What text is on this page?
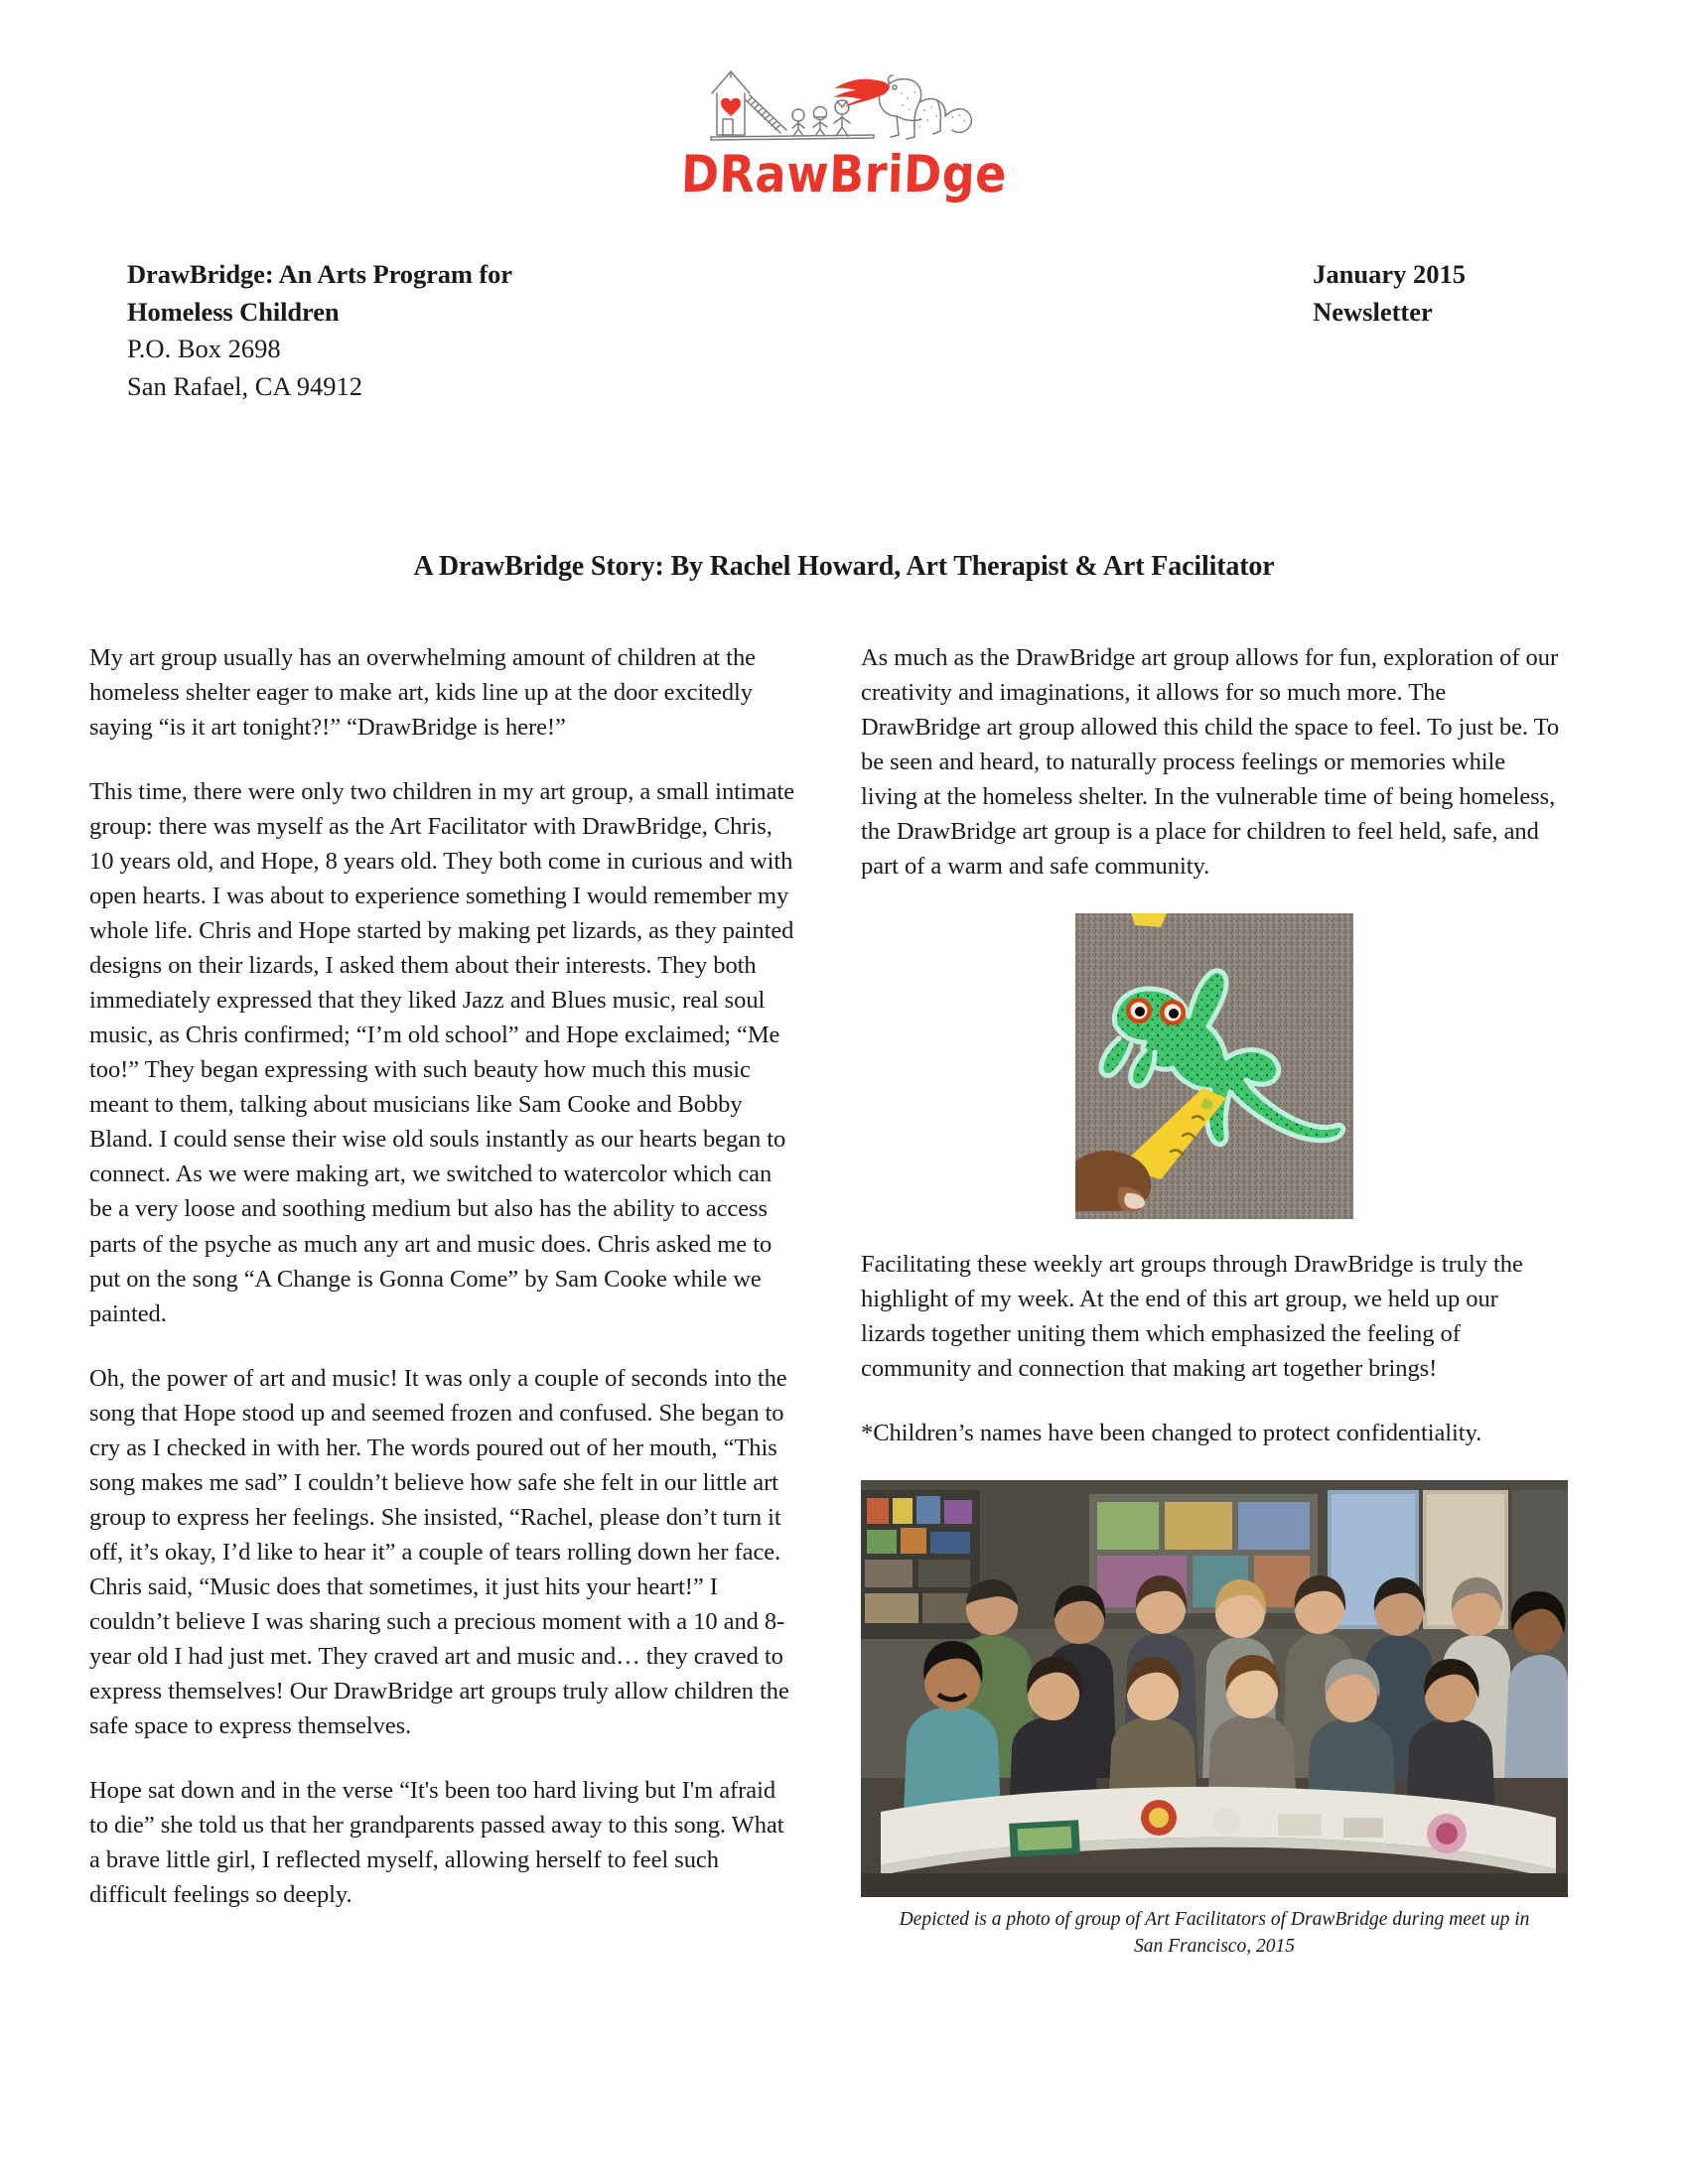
DRawBriDge
DrawBridge: An Arts Program for
Homeless Children
P.O. Box 2698
San Rafael, CA 94912
January 2015
Newsletter
A DrawBridge Story: By Rachel Howard, Art Therapist & Art Facilitator

My art group usually has an overwhelming amount of children at the homeless shelter eager to make art, kids line up at the door excitedly saying “is it art tonight?!” “DrawBridge is here!”

This time, there were only two children in my art group, a small intimate group: there was myself as the Art Facilitator with DrawBridge, Chris, 10 years old, and Hope, 8 years old. They both come in curious and with open hearts. I was about to experience something I would remember my whole life. Chris and Hope started by making pet lizards, as they painted designs on their lizards, I asked them about their interests. They both immediately expressed that they liked Jazz and Blues music, real soul music, as Chris confirmed; “I’m old school” and Hope exclaimed; “Me too!” They began expressing with such beauty how much this music meant to them, talking about musicians like Sam Cooke and Bobby Bland. I could sense their wise old souls instantly as our hearts began to connect. As we were making art, we switched to watercolor which can be a very loose and soothing medium but also has the ability to access parts of the psyche as much any art and music does. Chris asked me to put on the song “A Change is Gonna Come” by Sam Cooke while we painted.

Oh, the power of art and music! It was only a couple of seconds into the song that Hope stood up and seemed frozen and confused. She began to cry as I checked in with her. The words poured out of her mouth, “This song makes me sad” I couldn’t believe how safe she felt in our little art group to express her feelings. She insisted, “Rachel, please don’t turn it off, it’s okay, I’d like to hear it” a couple of tears rolling down her face. Chris said, “Music does that sometimes, it just hits your heart!” I couldn’t believe I was sharing such a precious moment with a 10 and 8-year old I had just met. They craved art and music and… they craved to express themselves! Our DrawBridge art groups truly allow children the safe space to express themselves.

Hope sat down and in the verse “It's been too hard living but I'm afraid to die” she told us that her grandparents passed away to this song. What a brave little girl, I reflected myself, allowing herself to feel such difficult feelings so deeply.

As much as the DrawBridge art group allows for fun, exploration of our creativity and imaginations, it allows for so much more. The DrawBridge art group allowed this child the space to feel. To just be. To be seen and heard, to naturally process feelings or memories while living at the homeless shelter. In the vulnerable time of being homeless, the DrawBridge art group is a place for children to feel held, safe, and part of a warm and safe community.

Facilitating these weekly art groups through DrawBridge is truly the highlight of my week. At the end of this art group, we held up our lizards together uniting them which emphasized the feeling of community and connection that making art together brings!

*Children’s names have been changed to protect confidentiality.

Depicted is a photo of group of Art Facilitators of DrawBridge during meet up in San Francisco, 2015
